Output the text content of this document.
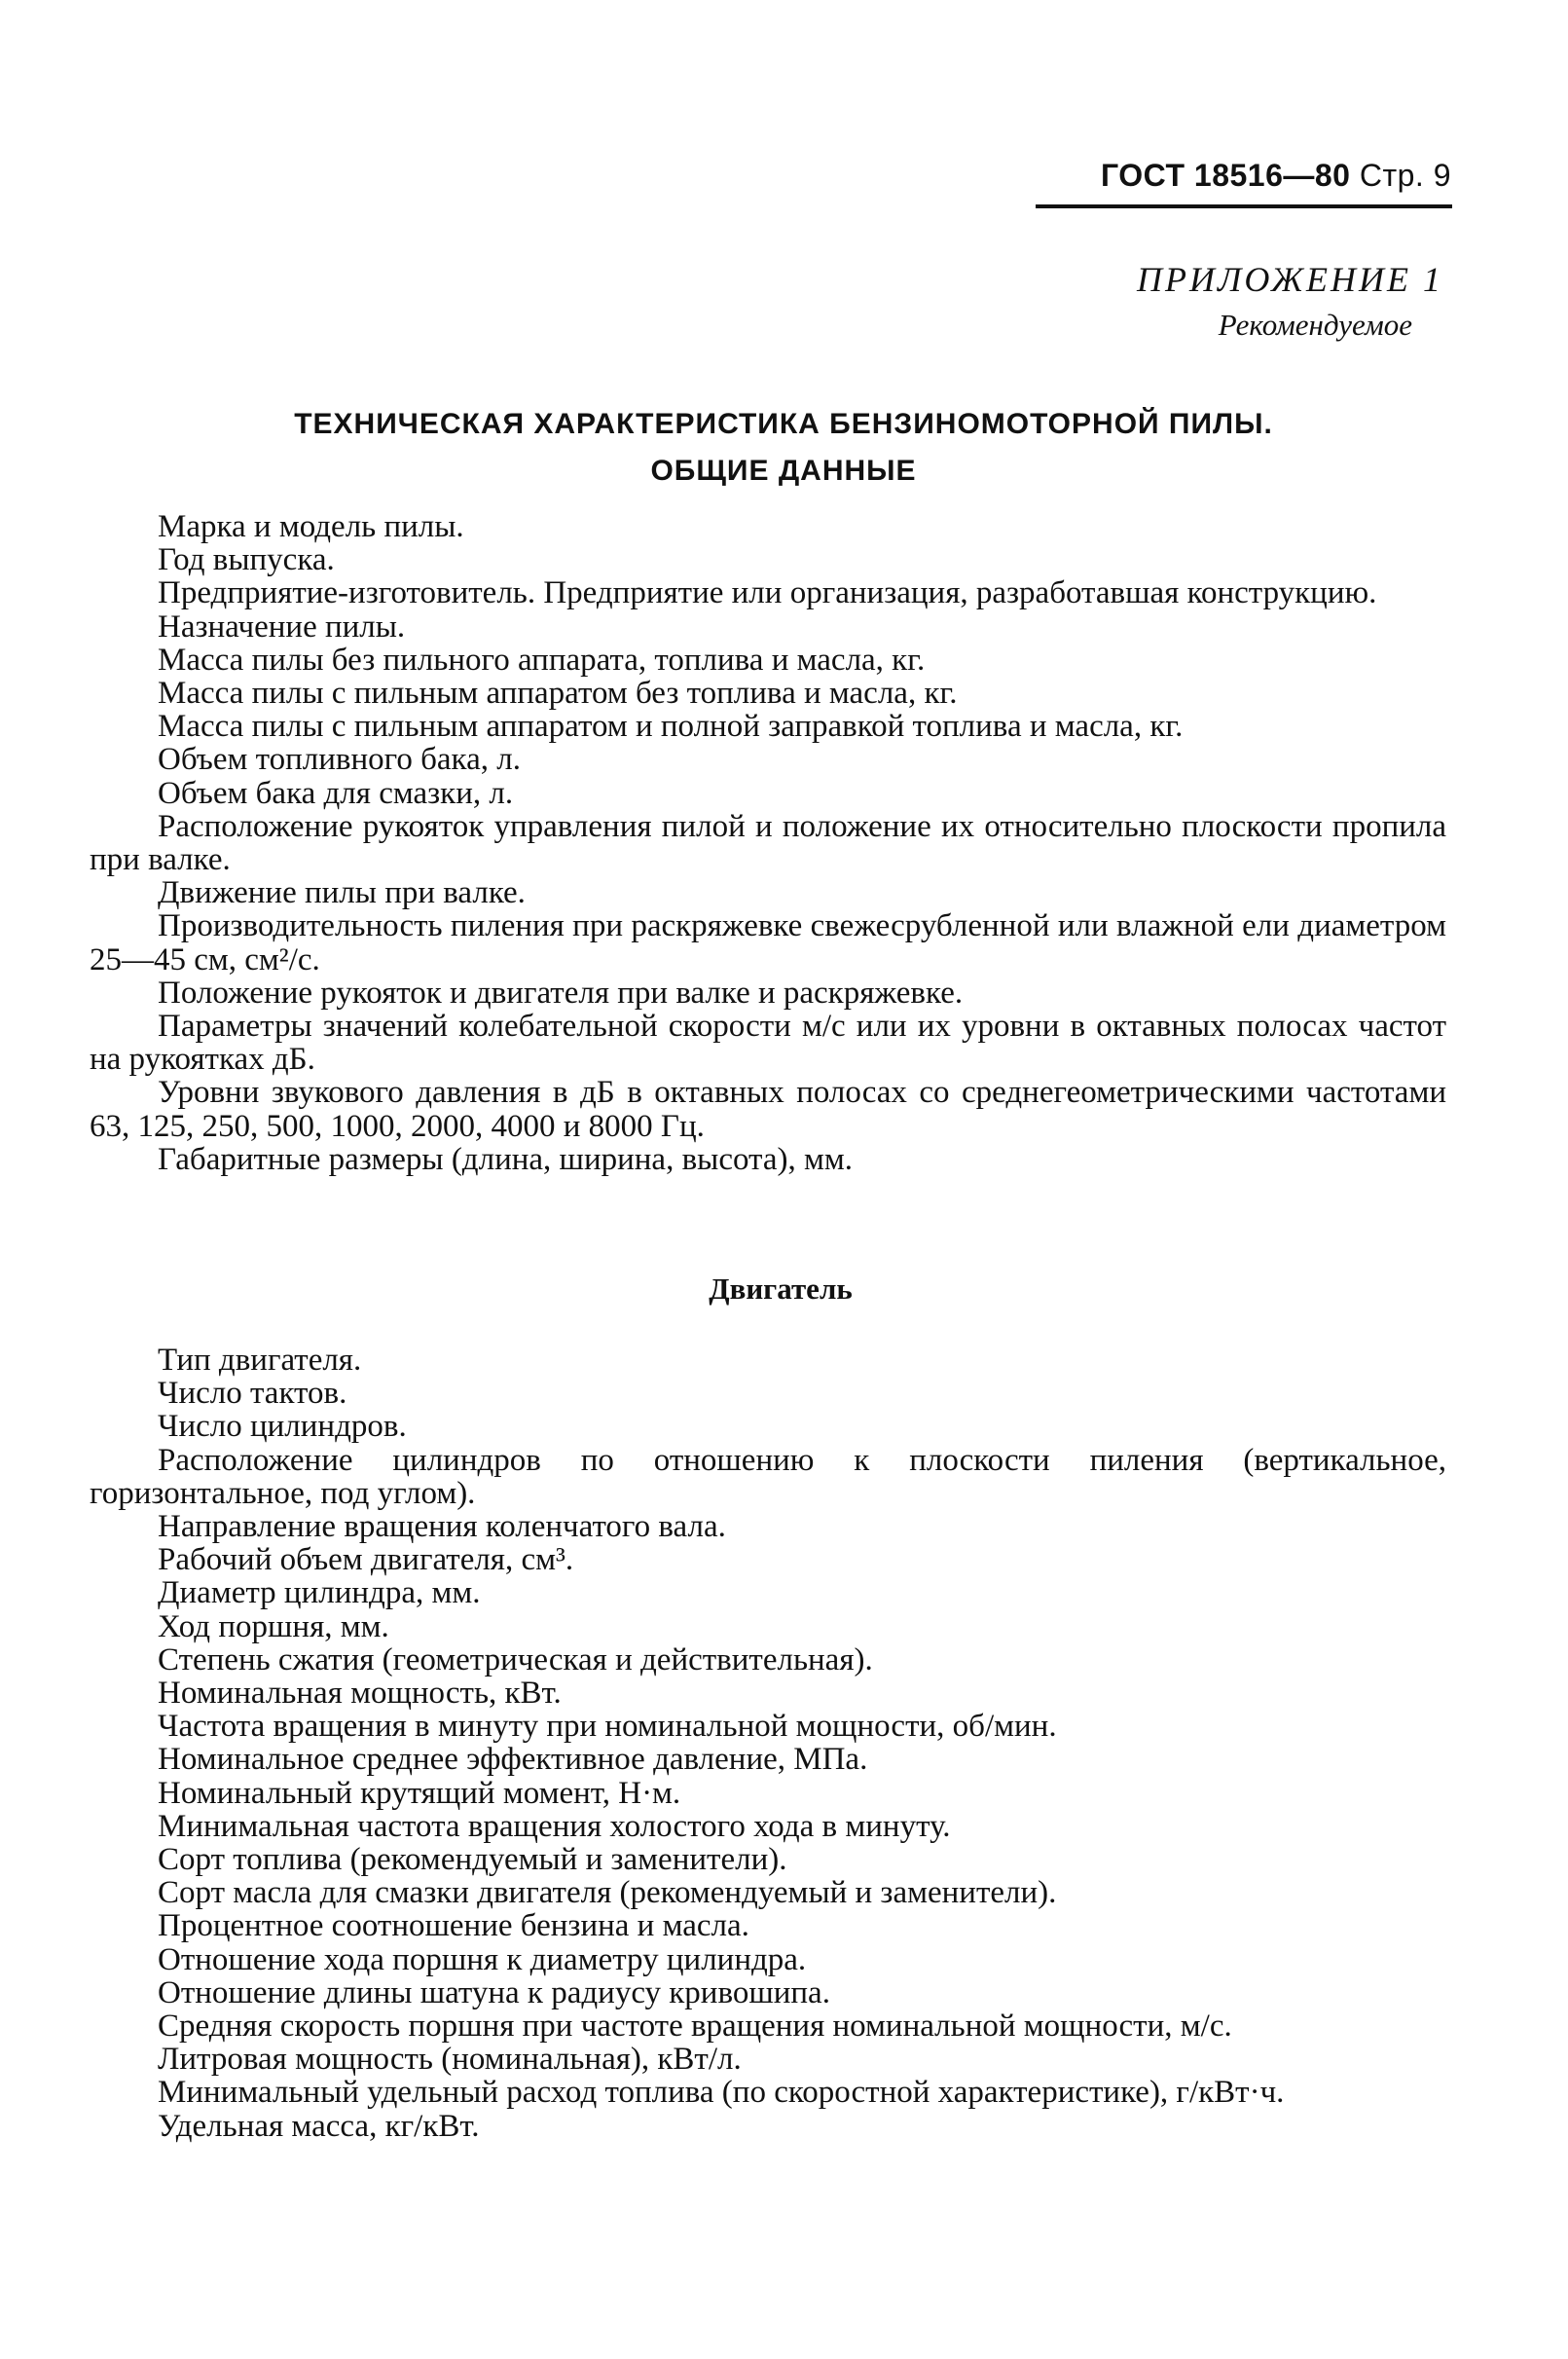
ГОСТ 18516—80 Стр. 9
ПРИЛОЖЕНИЕ 1
Рекомендуемое
ТЕХНИЧЕСКАЯ ХАРАКТЕРИСТИКА БЕНЗИНОМОТОРНОЙ ПИЛЫ.
ОБЩИЕ ДАННЫЕ

Марка и модель пилы.

Год выпуска.

Предприятие-изготовитель. Предприятие или организация, разработавшая конструкцию.

Назначение пилы.

Масса пилы без пильного аппарата, топлива и масла, кг.

Масса пилы с пильным аппаратом без топлива и масла, кг.

Масса пилы с пильным аппаратом и полной заправкой топлива и масла, кг.

Объем топливного бака, л.

Объем бака для смазки, л.

Расположение рукояток управления пилой и положение их относительно плоскости пропила при валке.

Движение пилы при валке.

Производительность пиления при раскряжевке свежесрубленной или влажной ели диаметром 25—45 см, см²/с.

Положение рукояток и двигателя при валке и раскряжевке.

Параметры значений колебательной скорости м/с или их уровни в октавных полосах частот на рукоятках дБ.

Уровни звукового давления в дБ в октавных полосах со среднегеометрическими частотами 63, 125, 250, 500, 1000, 2000, 4000 и 8000 Гц.

Габаритные размеры (длина, ширина, высота), мм.

Двигатель

Тип двигателя.

Число тактов.

Число цилиндров.

Расположение цилиндров по отношению к плоскости пиления (вертикальное, горизонтальное, под углом).

Направление вращения коленчатого вала.

Рабочий объем двигателя, см³.

Диаметр цилиндра, мм.

Ход поршня, мм.

Степень сжатия (геометрическая и действительная).

Номинальная мощность, кВт.

Частота вращения в минуту при номинальной мощности, об/мин.

Номинальное среднее эффективное давление, МПа.

Номинальный крутящий момент, Н·м.

Минимальная частота вращения холостого хода в минуту.

Сорт топлива (рекомендуемый и заменители).

Сорт масла для смазки двигателя (рекомендуемый и заменители).

Процентное соотношение бензина и масла.

Отношение хода поршня к диаметру цилиндра.

Отношение длины шатуна к радиусу кривошипа.

Средняя скорость поршня при частоте вращения номинальной мощности, м/с.

Литровая мощность (номинальная), кВт/л.

Минимальный удельный расход топлива (по скоростной характеристике), г/кВт·ч.

Удельная масса, кг/кВт.
